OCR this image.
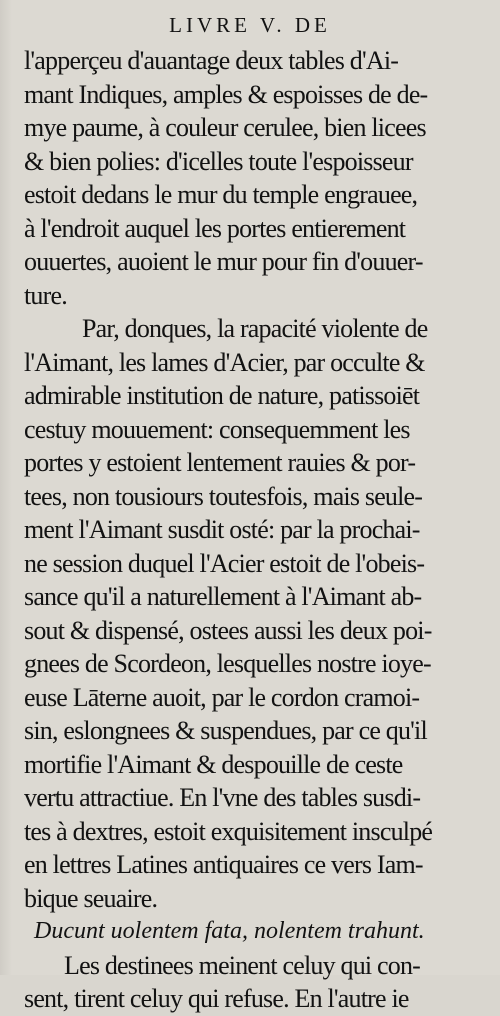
LIVRE V. DE
l'apperçeu d'auantage deux tables d'Ai-
mant Indiques, amples & espoisses de de-
mye paume, à couleur cerulee, bien licees
& bien polies: d'icelles toute l'espoisseur
estoit dedans le mur du temple engrauee,
à l'endroit auquel les portes entierement
ouuertes, auoient le mur pour fin d'ouuer-
ture.
Par, donques, la rapacité violente de
l'Aimant, les lames d'Acier, par occulte &
admirable institution de nature, patissoiēt
cestuy mouuement: consequemment les
portes y estoient lentement rauies & por-
tees, non tousiours toutesfois, mais seule-
ment l'Aimant susdit osté: par la prochai-
ne session duquel l'Acier estoit de l'obeis-
sance qu'il a naturellement à l'Aimant ab-
sout & dispensé, ostees aussi les deux poi-
gnees de Scordeon, lesquelles nostre ioye-
euse Lāterne auoit, par le cordon cramoi-
sin, eslongnees & suspendues, par ce qu'il
mortifie l'Aimant & despouille de ceste
vertu attractiue. En l'vne des tables susdi-
tes à dextres, estoit exquisitement insculpé
en lettres Latines antiquaires ce vers Iam-
bique seuaire.
Ducunt uolentem fata, nolentem trahunt.
Les destinees meinent celuy qui con-
sent, tirent celuy qui refuse. En l'autre ie
